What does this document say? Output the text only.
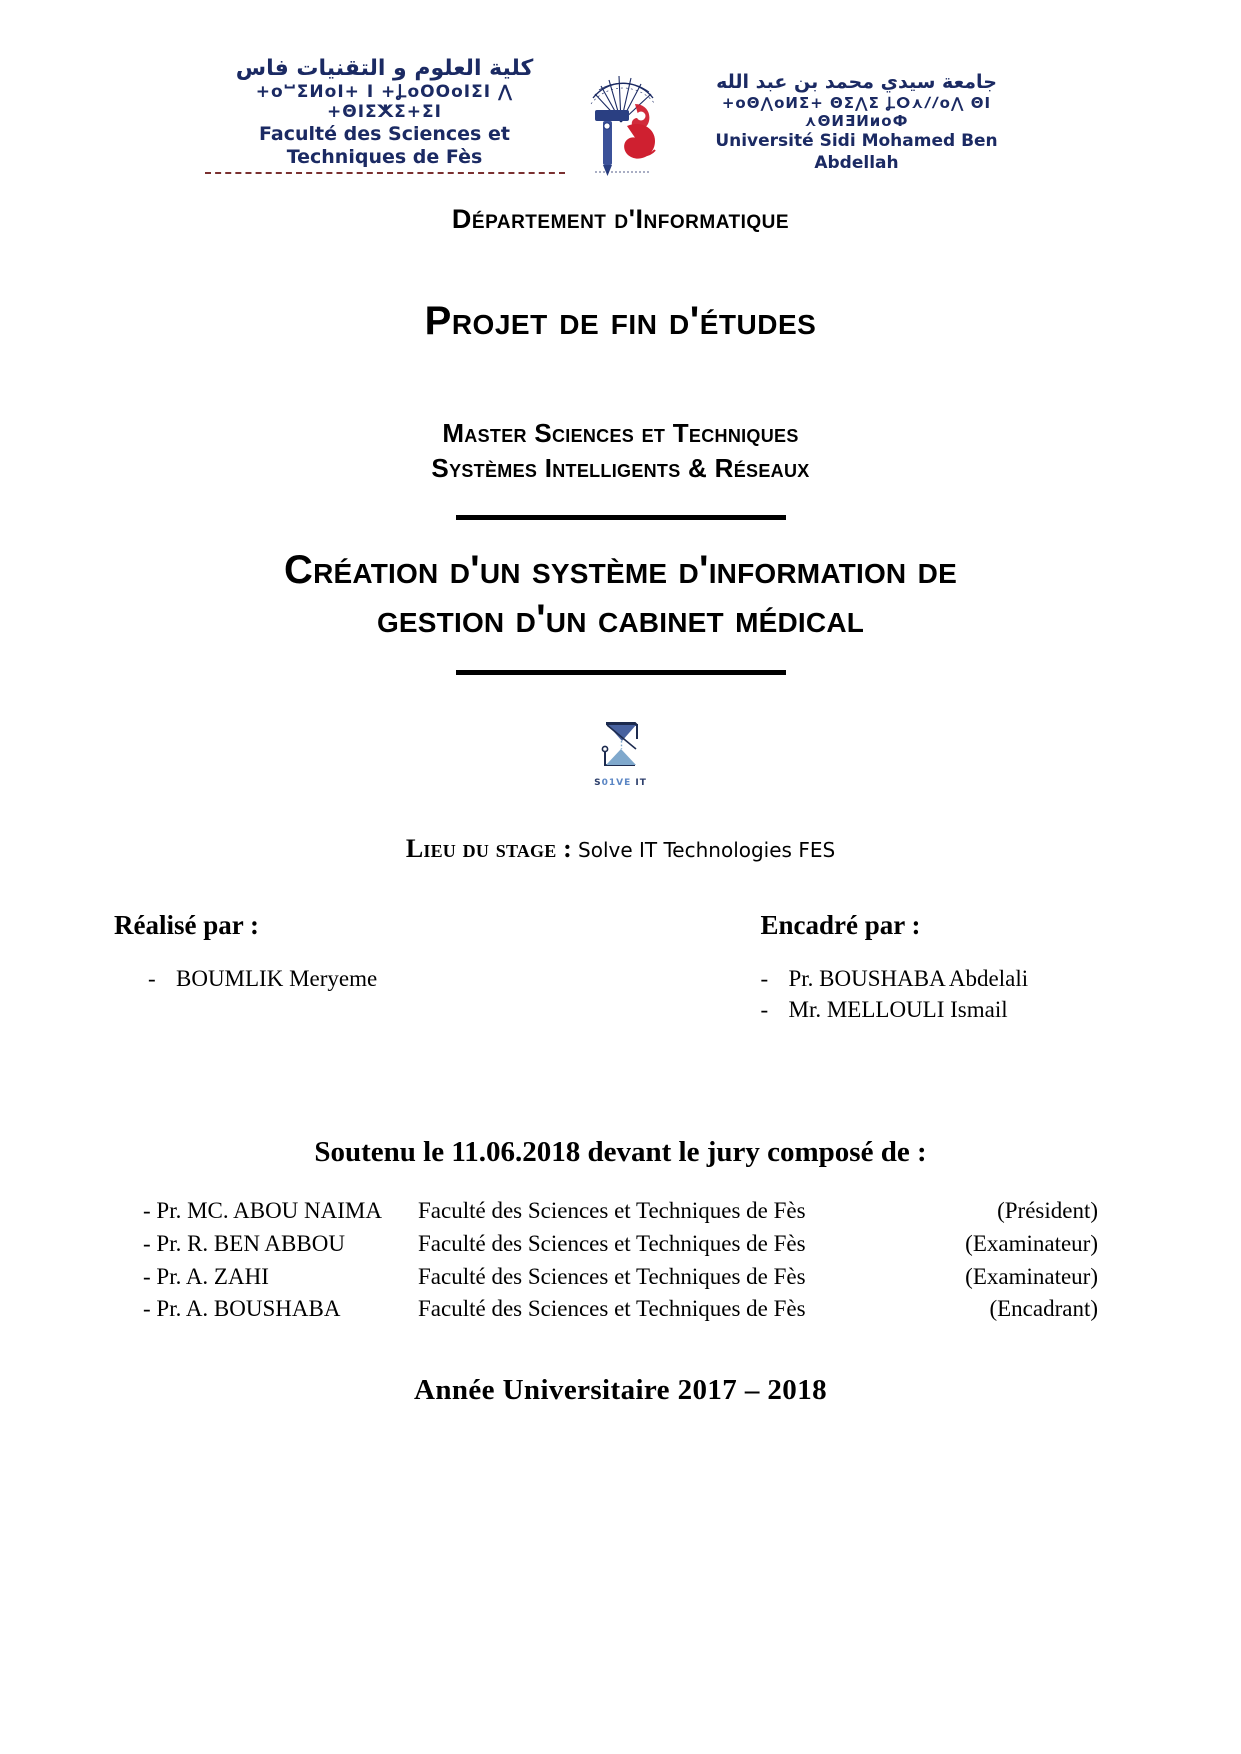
كلية العلوم و التقنيات فاس
+oⵯΣⵍoI+ I +ⳖoOOoIΣI ⋀ +ΘIΣⵅΣ+ΣI
Faculté des Sciences et Techniques de Fès
جامعة سيدي محمد بن عبد الله
+oΘ⋀oⵍΣ+ ΘΣ⋀Σ Ⳗⵔ⋏ⳆⳆo⋀ ΘI ⋏ΘⵍƎИиoФ
Université Sidi Mohamed Ben Abdellah
Département d'Informatique
Projet de fin d'études
Master Sciences et Techniques
Systèmes Intelligents & Réseaux
Création d'un système d'information de
gestion d'un cabinet médical
S01VE IT
Lieu du stage : Solve IT Technologies FES
Réalisé par :
- BOUMLIK Meryeme
Encadré par :
- Pr. BOUSHABA Abdelali
- Mr. MELLOULI Ismail
Soutenu le 11.06.2018 devant le jury composé de :
- Pr. MC. ABOU NAIMA	Faculté des Sciences et Techniques de Fès	(Président)
- Pr. R. BEN ABBOU	Faculté des Sciences et Techniques de Fès	(Examinateur)
- Pr. A. ZAHI	Faculté des Sciences et Techniques de Fès	(Examinateur)
- Pr. A. BOUSHABA	Faculté des Sciences et Techniques de Fès	(Encadrant)
Année Universitaire 2017 – 2018
